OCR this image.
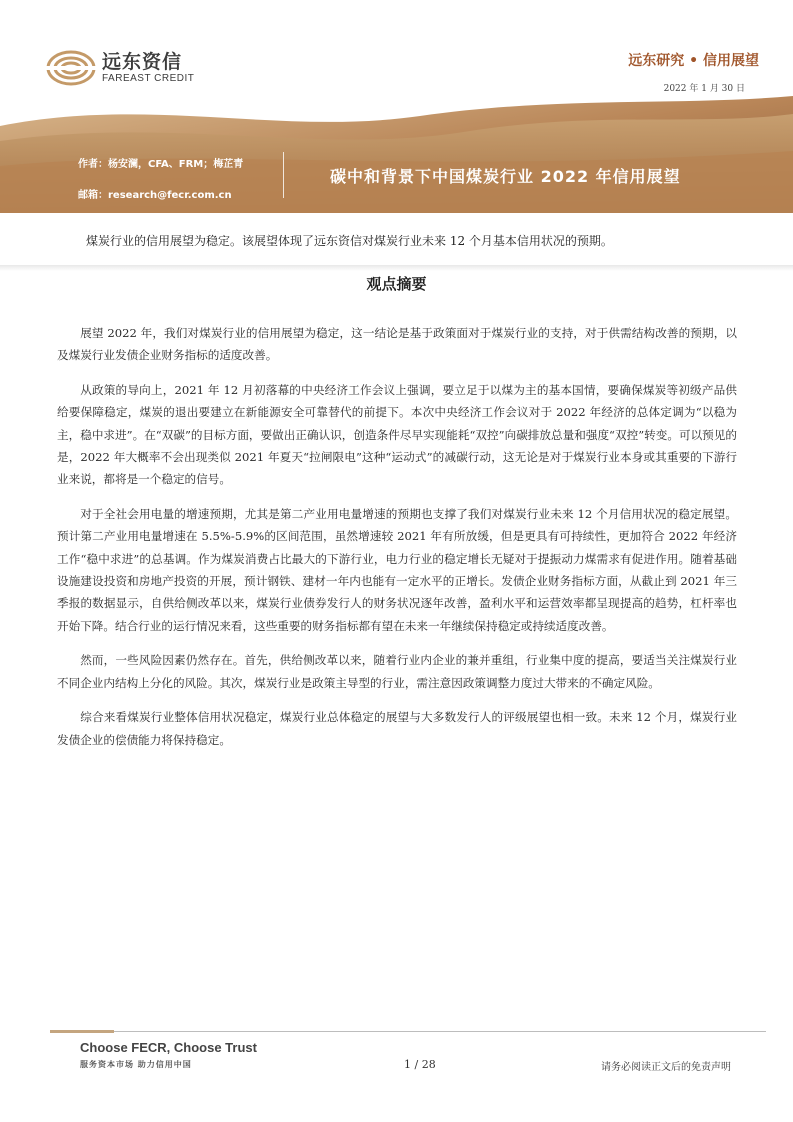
远东资信
FAREAST CREDIT
远东研究 • 信用展望
2022 年 1 月 30 日
作者：杨安澜，CFA、FRM；梅芷青
邮箱：research@fecr.com.cn
碳中和背景下中国煤炭行业 2022 年信用展望
煤炭行业的信用展望为稳定。该展望体现了远东资信对煤炭行业未来 12 个月基本信用状况的预期。
观点摘要

展望 2022 年，我们对煤炭行业的信用展望为稳定，这一结论是基于政策面对于煤炭行业的支持，对于供需结构改善的预期，以及煤炭行业发债企业财务指标的适度改善。

从政策的导向上，2021 年 12 月初落幕的中央经济工作会议上强调，要立足于以煤为主的基本国情，要确保煤炭等初级产品供给要保障稳定，煤炭的退出要建立在新能源安全可靠替代的前提下。本次中央经济工作会议对于 2022 年经济的总体定调为“以稳为主，稳中求进”。在“双碳”的目标方面，要做出正确认识，创造条件尽早实现能耗“双控”向碳排放总量和强度“双控”转变。可以预见的是，2022 年大概率不会出现类似 2021 年夏天“拉闸限电”这种“运动式”的减碳行动，这无论是对于煤炭行业本身或其重要的下游行业来说，都将是一个稳定的信号。

对于全社会用电量的增速预期，尤其是第二产业用电量增速的预期也支撑了我们对煤炭行业未来 12 个月信用状况的稳定展望。预计第二产业用电量增速在 5.5%-5.9%的区间范围，虽然增速较 2021 年有所放缓，但是更具有可持续性，更加符合 2022 年经济工作“稳中求进”的总基调。作为煤炭消费占比最大的下游行业，电力行业的稳定增长无疑对于提振动力煤需求有促进作用。随着基础设施建设投资和房地产投资的开展，预计钢铁、建材一年内也能有一定水平的正增长。发债企业财务指标方面，从截止到 2021 年三季报的数据显示，自供给侧改革以来，煤炭行业债券发行人的财务状况逐年改善，盈利水平和运营效率都呈现提高的趋势，杠杆率也开始下降。结合行业的运行情况来看，这些重要的财务指标都有望在未来一年继续保持稳定或持续适度改善。

然而，一些风险因素仍然存在。首先，供给侧改革以来，随着行业内企业的兼并重组，行业集中度的提高，要适当关注煤炭行业不同企业内结构上分化的风险。其次，煤炭行业是政策主导型的行业，需注意因政策调整力度过大带来的不确定风险。

综合来看煤炭行业整体信用状况稳定，煤炭行业总体稳定的展望与大多数发行人的评级展望也相一致。未来 12 个月，煤炭行业发债企业的偿债能力将保持稳定。

Choose FECR, Choose Trust
服务资本市场 助力信用中国	1 / 28	请务必阅读正文后的免责声明
